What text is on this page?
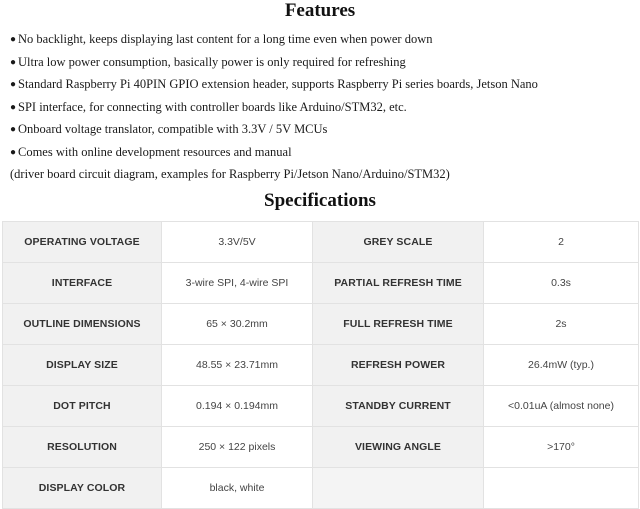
Features
● No backlight, keeps displaying last content for a long time even when power down
● Ultra low power consumption, basically power is only required for refreshing
● Standard Raspberry Pi 40PIN GPIO extension header, supports Raspberry Pi series boards, Jetson Nano
● SPI interface, for connecting with controller boards like Arduino/STM32, etc.
● Onboard voltage translator, compatible with 3.3V / 5V MCUs
● Comes with online development resources and manual
(driver board circuit diagram, examples for Raspberry Pi/Jetson Nano/Arduino/STM32)
Specifications
OPERATING VOLTAGE	3.3V/5V	GREY SCALE	2
INTERFACE	3-wire SPI, 4-wire SPI	PARTIAL REFRESH TIME	0.3s
OUTLINE DIMENSIONS	65 × 30.2mm	FULL REFRESH TIME	2s
DISPLAY SIZE	48.55 × 23.71mm	REFRESH POWER	26.4mW (typ.)
DOT PITCH	0.194 × 0.194mm	STANDBY CURRENT	<0.01uA (almost none)
RESOLUTION	250 × 122 pixels	VIEWING ANGLE	>170°
DISPLAY COLOR	black, white		
